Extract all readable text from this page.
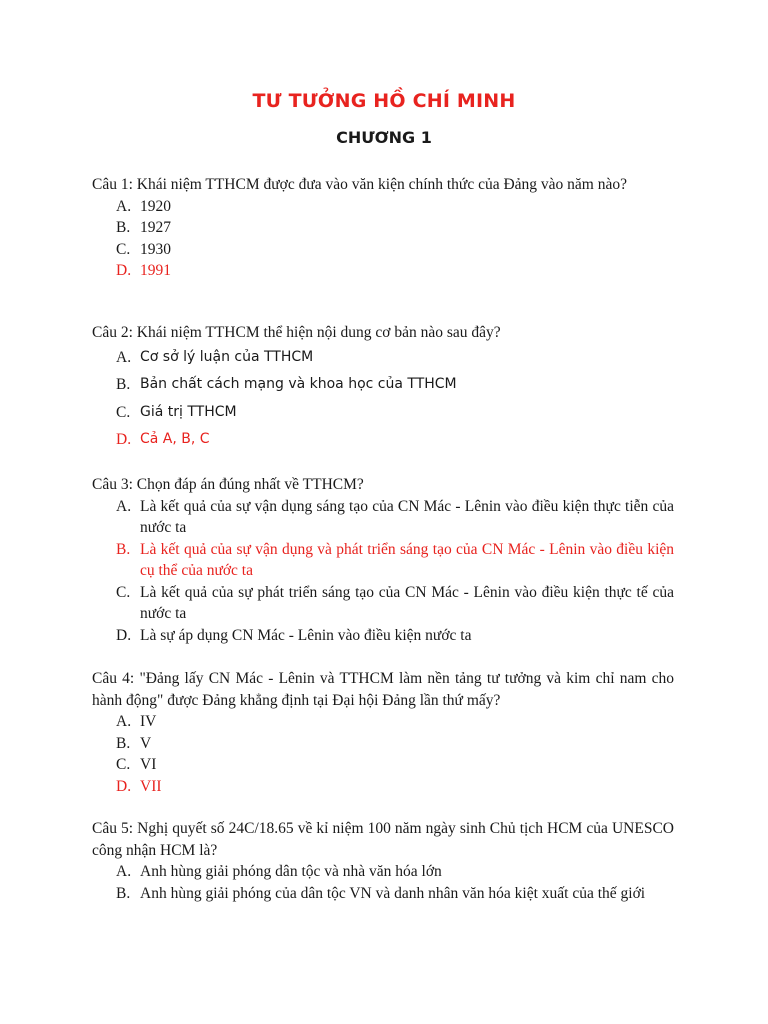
TƯ TƯỞNG HỒ CHÍ MINH
CHƯƠNG 1

Câu 1: Khái niệm TTHCM được đưa vào văn kiện chính thức của Đảng vào năm nào?

A. 1920
B. 1927
C. 1930
D. 1991

Câu 2: Khái niệm TTHCM thể hiện nội dung cơ bản nào sau đây?

A. Cơ sở lý luận của TTHCM
B. Bản chất cách mạng và khoa học của TTHCM
C. Giá trị TTHCM
D. Cả A, B, C

Câu 3: Chọn đáp án đúng nhất về TTHCM?

A. Là kết quả của sự vận dụng sáng tạo của CN Mác - Lênin vào điều kiện thực tiễn của nước ta
B. Là kết quả của sự vận dụng và phát triển sáng tạo của CN Mác - Lênin vào điều kiện cụ thể của nước ta
C. Là kết quả của sự phát triển sáng tạo của CN Mác - Lênin vào điều kiện thực tế của nước ta
D. Là sự áp dụng CN Mác - Lênin vào điều kiện nước ta

Câu 4: "Đảng lấy CN Mác - Lênin và TTHCM làm nền tảng tư tưởng và kim chỉ nam cho hành động" được Đảng khẳng định tại Đại hội Đảng lần thứ mấy?

A. IV
B. V
C. VI
D. VII

Câu 5: Nghị quyết số 24C/18.65 về kỉ niệm 100 năm ngày sinh Chủ tịch HCM của UNESCO công nhận HCM là?

A. Anh hùng giải phóng dân tộc và nhà văn hóa lớn
B. Anh hùng giải phóng của dân tộc VN và danh nhân văn hóa kiệt xuất của thế giới
